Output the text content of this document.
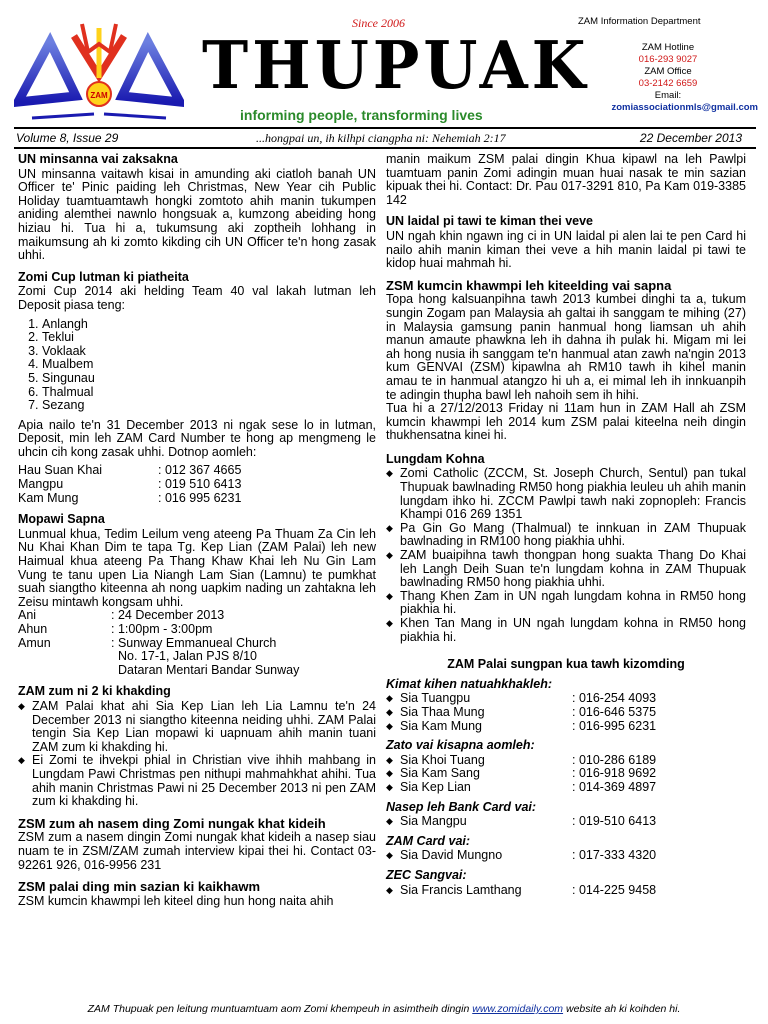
ZAM
Since 2006
THUPUAK
informing people, transforming lives
ZAM Information Department
ZAM Hotline
016-293 9027
ZAM Office
03-2142 6659
Email:
zomiassociationmls@gmail.com
Volume 8, Issue 29	...hongpai un, ih kilhpi ciangpha ni: Nehemiah 2:17	22 December 2013
UN minsanna vai zaksakna

UN minsanna vaitawh kisai in amunding aki ciatloh banah UN Officer te' Pinic paiding leh Christmas, New Year cih Public Holiday tuamtuamtawh hongki zomtoto ahih manin tukumpen aniding alemthei nawnlo hongsuak a, kumzong abeiding hong hiziau hi. Tua hi a, tukumsung aki zoptheih lohhang in maikumsung ah ki zomto kikding cih UN Officer te'n hong zasak uhhi.

Zomi Cup lutman ki piatheita

Zomi Cup 2014 aki helding Team 40 val lakah lutman leh Deposit piasa teng:

1. Anlangh
2. Teklui
3. Voklaak
4. Mualbem
5. Singunau
6. Thalmual
7. Sezang

Apia nailo te'n 31 December 2013 ni ngak sese lo in lutman, Deposit, min leh ZAM Card Number te hong ap mengmeng le uhcin cih kong zasak uhhi. Dotnop aomleh:

Hau Suan Khai	: 012 367 4665
Mangpu	: 019 510 6413
Kam Mung	: 016 995 6231
Mopawi Sapna

Lunmual khua, Tedim Leilum veng ateeng Pa Thuam Za Cin leh Nu Khai Khan Dim te tapa Tg. Kep Lian (ZAM Palai) leh new Haimual khua ateeng Pa Thang Khaw Khai leh Nu Gin Lam Vung te tanu upen Lia Niangh Lam Sian (Lamnu) te pumkhat suah siangtho kiteenna ah nong uapkim nading un zahtakna leh Zeisu mintawh kongsam uhhi.

Ani	: 24 December 2013
Ahun	: 1:00pm - 3:00pm
Amun	: Sunway Emmanueal Church
No. 17-1, Jalan PJS 8/10
Dataran Mentari Bandar Sunway
ZAM zum ni 2 ki khakding
◆ ZAM Palai khat ahi Sia Kep Lian leh Lia Lamnu te'n 24 December 2013 ni siangtho kiteenna neiding uhhi. ZAM Palai tengin Sia Kep Lian mopawi ki uapnuam ahih manin tuani ZAM zum ki khakding hi.
◆ Ei Zomi te ihvekpi phial in Christian vive ihhih mahbang in Lungdam Pawi Christmas pen nithupi mahmahkhat ahihi. Tua ahih manin Christmas Pawi ni 25 December 2013 ni pen ZAM zum ki khakding hi.
ZSM zum ah nasem ding Zomi nungak khat kideih

ZSM zum a nasem dingin Zomi nungak khat kideih a nasep siau nuam te in ZSM/ZAM zumah interview kipai thei hi. Contact 03-92261 926, 016-9956 231

ZSM palai ding min sazian ki kaikhawm

ZSM kumcin khawmpi leh kiteel ding hun hong naita ahih

manin maikum ZSM palai dingin Khua kipawl na leh Pawlpi tuamtuam panin Zomi adingin muan huai nasak te min sazian kipuak thei hi. Contact: Dr. Pau 017-3291 810, Pa Kam 019-3385 142

UN laidal pi tawi te kiman thei veve

UN ngah khin ngawn ing ci in UN laidal pi alen lai te pen Card hi nailo ahih manin kiman thei veve a hih manin laidal pi tawi te kidop huai mahmah hi.

ZSM kumcin khawmpi leh kiteelding vai sapna

Topa hong kalsuanpihna tawh 2013 kumbei dinghi ta a, tukum sungin Zogam pan Malaysia ah galtai ih sanggam te mihing (27) in Malaysia gamsung panin hanmual hong liamsan uh ahih manun amaute phawkna leh ih dahna ih pulak hi. Migam mi lei ah hong nusia ih sanggam te'n hanmual atan zawh na'ngin 2013 kum GENVAI (ZSM) kipawlna ah RM10 tawh ih kihel manin amau te in hanmual atangzo hi uh a, ei mimal leh ih innkuanpih te adingin thupha bawl leh nahoih sem ih hihi.

Tua hi a 27/12/2013 Friday ni 11am hun in ZAM Hall ah ZSM kumcin khawmpi leh 2014 kum ZSM palai kiteelna neih dingin thukhensatna kinei hi.

Lungdam Kohna
◆ Zomi Catholic (ZCCM, St. Joseph Church, Sentul) pan tukal Thupuak bawlnading RM50 hong piakhia leuleu uh ahih manin lungdam ihko hi. ZCCM Pawlpi tawh naki zopnopleh: Francis Khampi 016 269 1351
◆ Pa Gin Go Mang (Thalmual) te innkuan in ZAM Thupuak bawlnading in RM100 hong piakhia uhhi.
◆ ZAM buaipihna tawh thongpan hong suakta Thang Do Khai leh Langh Deih Suan te'n lungdam kohna in ZAM Thupuak bawlnading RM50 hong piakhia uhhi.
◆ Thang Khen Zam in UN ngah lungdam kohna in RM50 hong piakhia hi.
◆ Khen Tan Mang in UN ngah lungdam kohna in RM50 hong piakhia hi.
ZAM Palai sungpan kua tawh kizomding
Kimat kihen natuahkhakleh:
◆ Sia Tuangpu	: 016-254 4093
◆ Sia Thaa Mung	: 016-646 5375
◆ Sia Kam Mung	: 016-995 6231
Zato vai kisapna aomleh:
◆ Sia Khoi Tuang	: 010-286 6189
◆ Sia Kam Sang	: 016-918 9692
◆ Sia Kep Lian	: 014-369 4897
Nasep leh Bank Card vai:
◆ Sia Mangpu	: 019-510 6413
ZAM Card vai:
◆ Sia David Mungno	: 017-333 4320
ZEC Sangvai:
◆ Sia Francis Lamthang	: 014-225 9458
ZAM Thupuak pen leitung muntuamtuam aom Zomi khempeuh in asimtheih dingin www.zomidaily.com website ah ki koihden hi.
